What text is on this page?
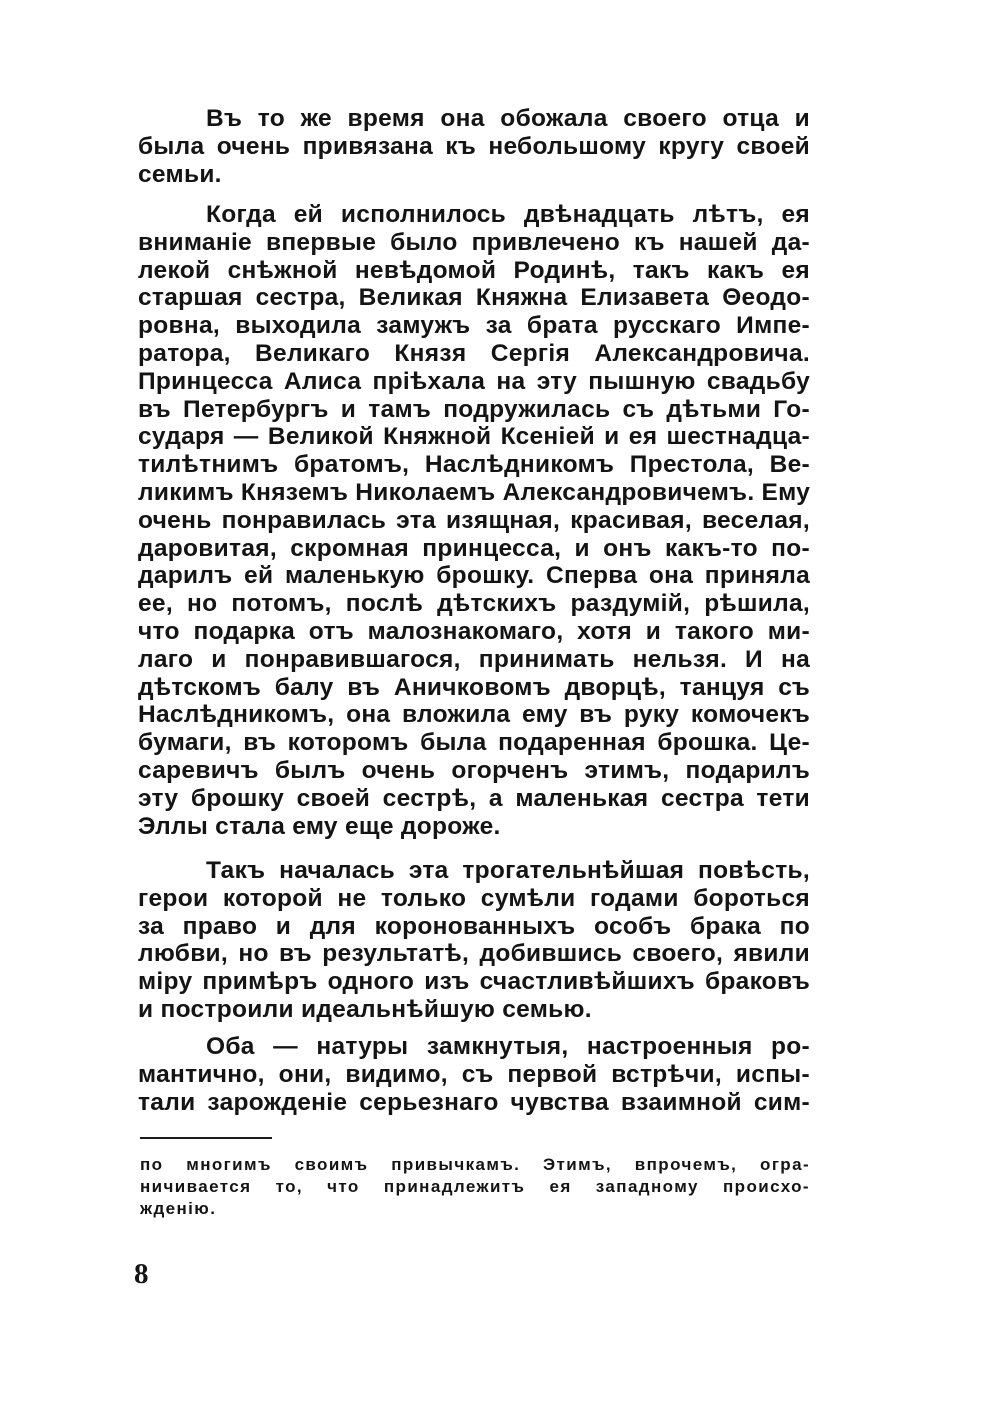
Въ то же время она обожала своего отца и
была очень привязана къ небольшому кругу своей
семьи.
Когда ей исполнилось двѣнадцать лѣтъ, ея
вниманіе впервые было привлечено къ нашей да-
лекой снѣжной невѣдомой Родинѣ, такъ какъ ея
старшая сестра, Великая Княжна Елизавета Θеодо-
ровна, выходила замужъ за брата русскаго Импе-
ратора, Великаго Князя Сергія Александровича.
Принцесса Алиса пріѣхала на эту пышную свадьбу
въ Петербургъ и тамъ подружилась съ дѣтьми Го-
сударя — Великой Княжной Ксеніей и ея шестнадца-
тилѣтнимъ братомъ, Наслѣдникомъ Престола, Ве-
ликимъ Княземъ Николаемъ Александровичемъ. Ему
очень понравилась эта изящная, красивая, веселая,
даровитая, скромная принцесса, и онъ какъ-то по-
дарилъ ей маленькую брошку. Сперва она приняла
ее, но потомъ, послѣ дѣтскихъ раздумій, рѣшила,
что подарка отъ малознакомаго, хотя и такого ми-
лаго и понравившагося, принимать нельзя. И на
дѣтскомъ балу въ Аничковомъ дворцѣ, танцуя съ
Наслѣдникомъ, она вложила ему въ руку комочекъ
бумаги, въ которомъ была подаренная брошка. Це-
саревичъ былъ очень огорченъ этимъ, подарилъ
эту брошку своей сестрѣ, а маленькая сестра тети
Эллы стала ему еще дороже.
Такъ началась эта трогательнѣйшая повѣсть,
герои которой не только сумѣли годами бороться
за право и для коронованныхъ особъ брака по
любви, но въ результатѣ, добившись своего, явили
міру примѣръ одного изъ счастливѣйшихъ браковъ
и построили идеальнѣйшую семью.
Оба — натуры замкнутыя, настроенныя ро-
мантично, они, видимо, съ первой встрѣчи, испы-
тали зарожденіе серьезнаго чувства взаимной сим-
по многимъ своимъ привычкамъ. Этимъ, впрочемъ, огра-
ничивается то, что принадлежитъ ея западному происхо-
жденію.
8
